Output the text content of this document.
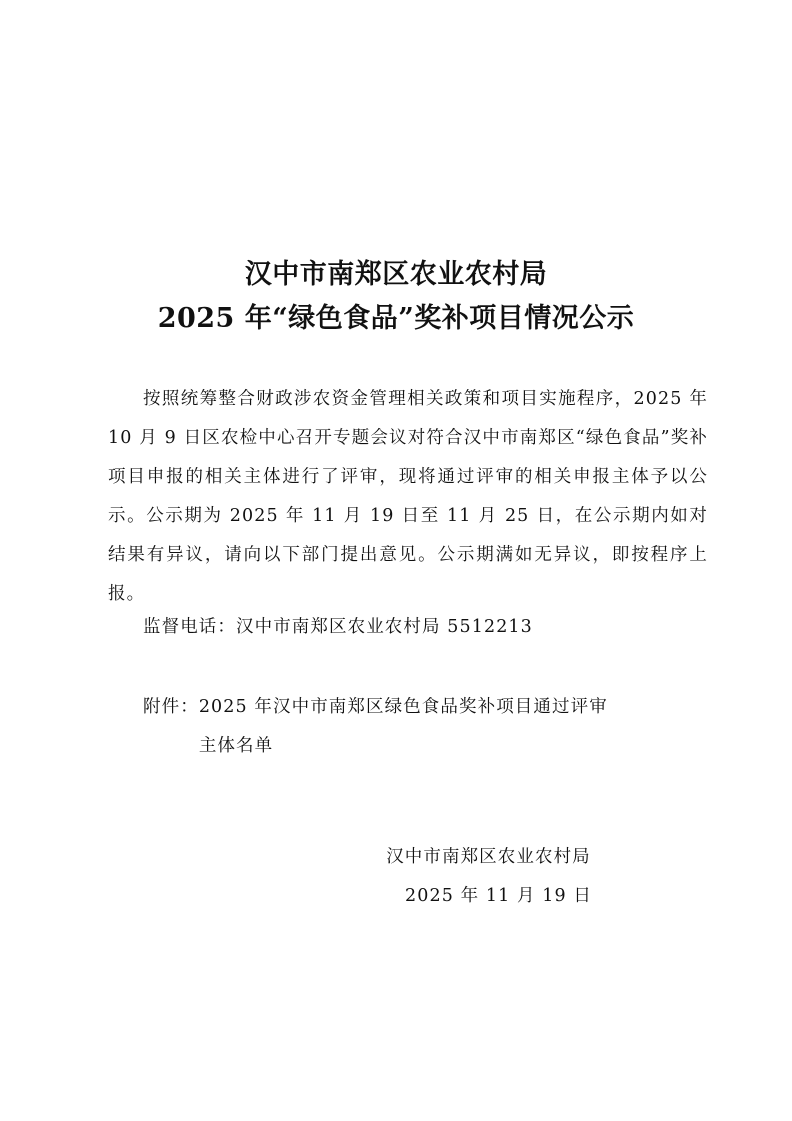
汉中市南郑区农业农村局
2025 年“绿色食品”奖补项目情况公示

按照统筹整合财政涉农资金管理相关政策和项目实施程序，2025 年 10 月 9 日区农检中心召开专题会议对符合汉中市南郑区“绿色食品”奖补项目申报的相关主体进行了评审，现将通过评审的相关申报主体予以公示。公示期为 2025 年 11 月 19 日至 11 月 25 日，在公示期内如对结果有异议，请向以下部门提出意见。公示期满如无异议，即按程序上报。

监督电话：汉中市南郑区农业农村局 5512213
附件：2025 年汉中市南郑区绿色食品奖补项目通过评审
主体名单
汉中市南郑区农业农村局
2025 年 11 月 19 日
